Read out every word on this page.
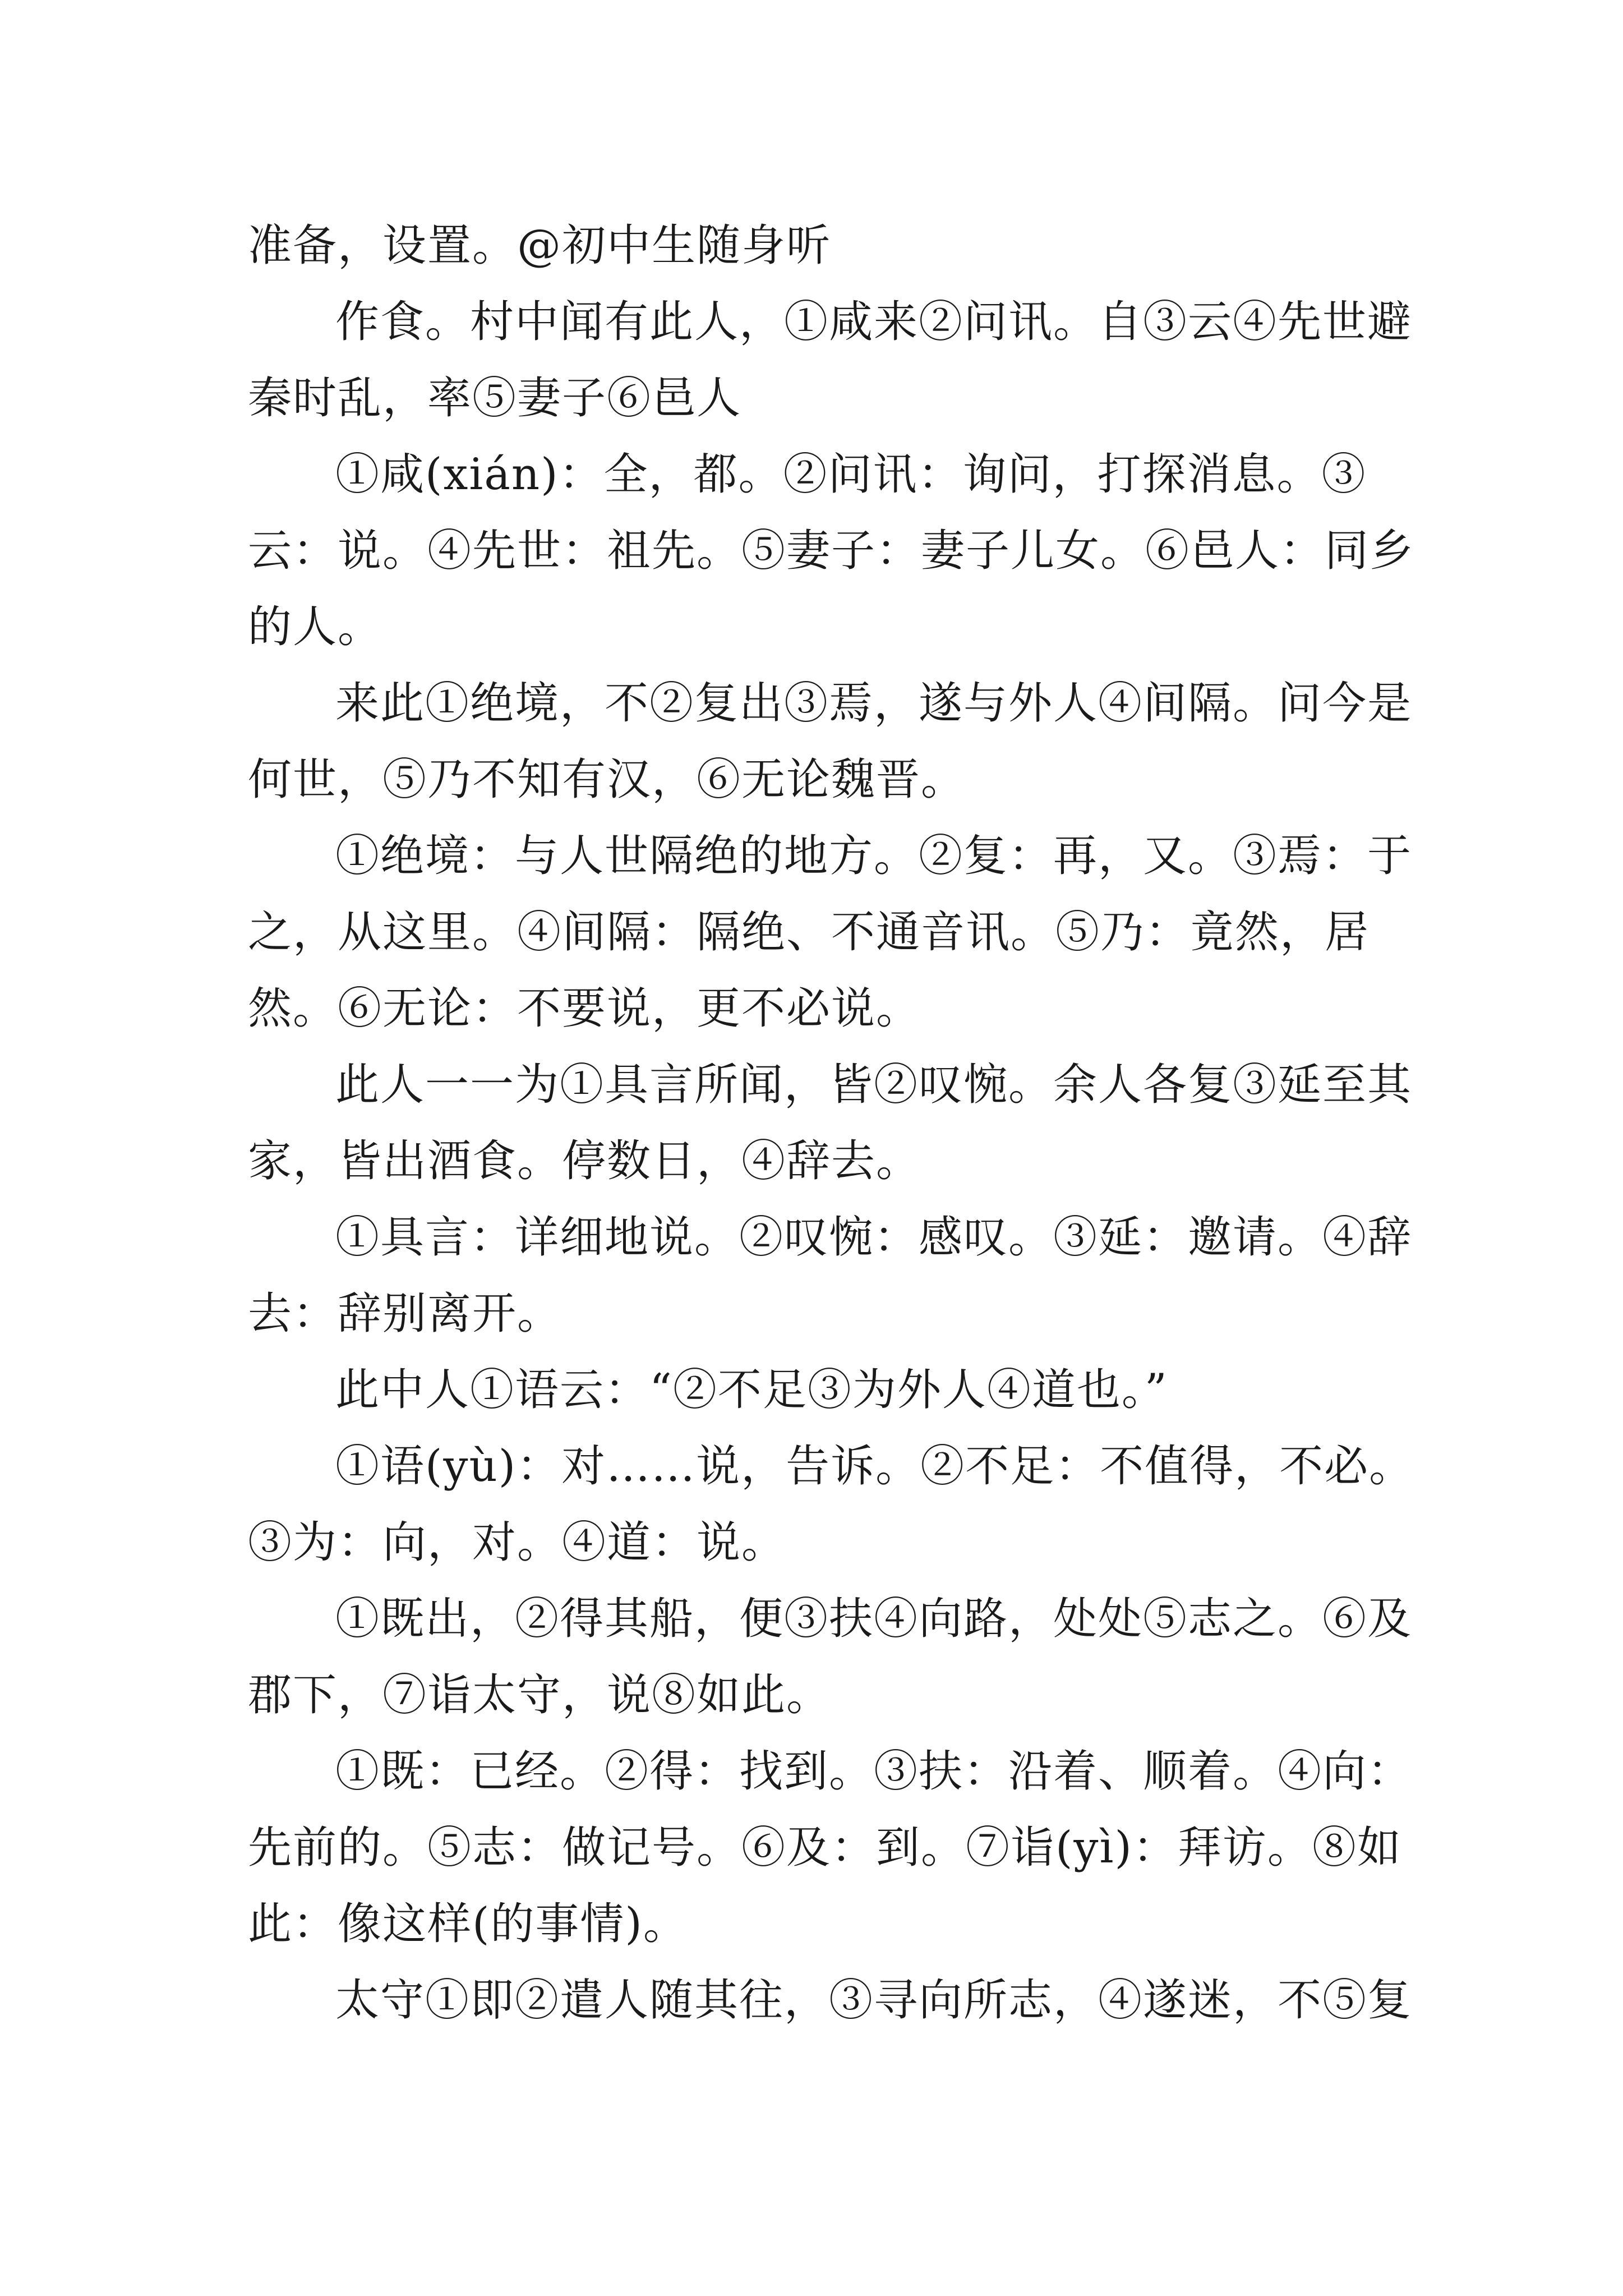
准备，设置。@初中生随身听

作食。村中闻有此人，①咸来②问讯。自③云④先世避秦时乱，率⑤妻子⑥邑人

①咸(xián)：全，都。②问讯：询问，打探消息。③云：说。④先世：祖先。⑤妻子：妻子儿女。⑥邑人：同乡的人。

来此①绝境，不②复出③焉，遂与外人④间隔。问今是何世，⑤乃不知有汉，⑥无论魏晋。

①绝境：与人世隔绝的地方。②复：再，又。③焉：于之，从这里。④间隔：隔绝、不通音讯。⑤乃：竟然，居然。⑥无论：不要说，更不必说。

此人一一为①具言所闻，皆②叹惋。余人各复③延至其家，皆出酒食。停数日，④辞去。

①具言：详细地说。②叹惋：感叹。③延：邀请。④辞去：辞别离开。

此中人①语云：“②不足③为外人④道也。”

①语(yù)：对……说，告诉。②不足：不值得，不必。③为：向，对。④道：说。

①既出，②得其船，便③扶④向路，处处⑤志之。⑥及郡下，⑦诣太守，说⑧如此。

①既：已经。②得：找到。③扶：沿着、顺着。④向：先前的。⑤志：做记号。⑥及：到。⑦诣(yì)：拜访。⑧如此：像这样(的事情)。

太守①即②遣人随其往，③寻向所志，④遂迷，不⑤复
